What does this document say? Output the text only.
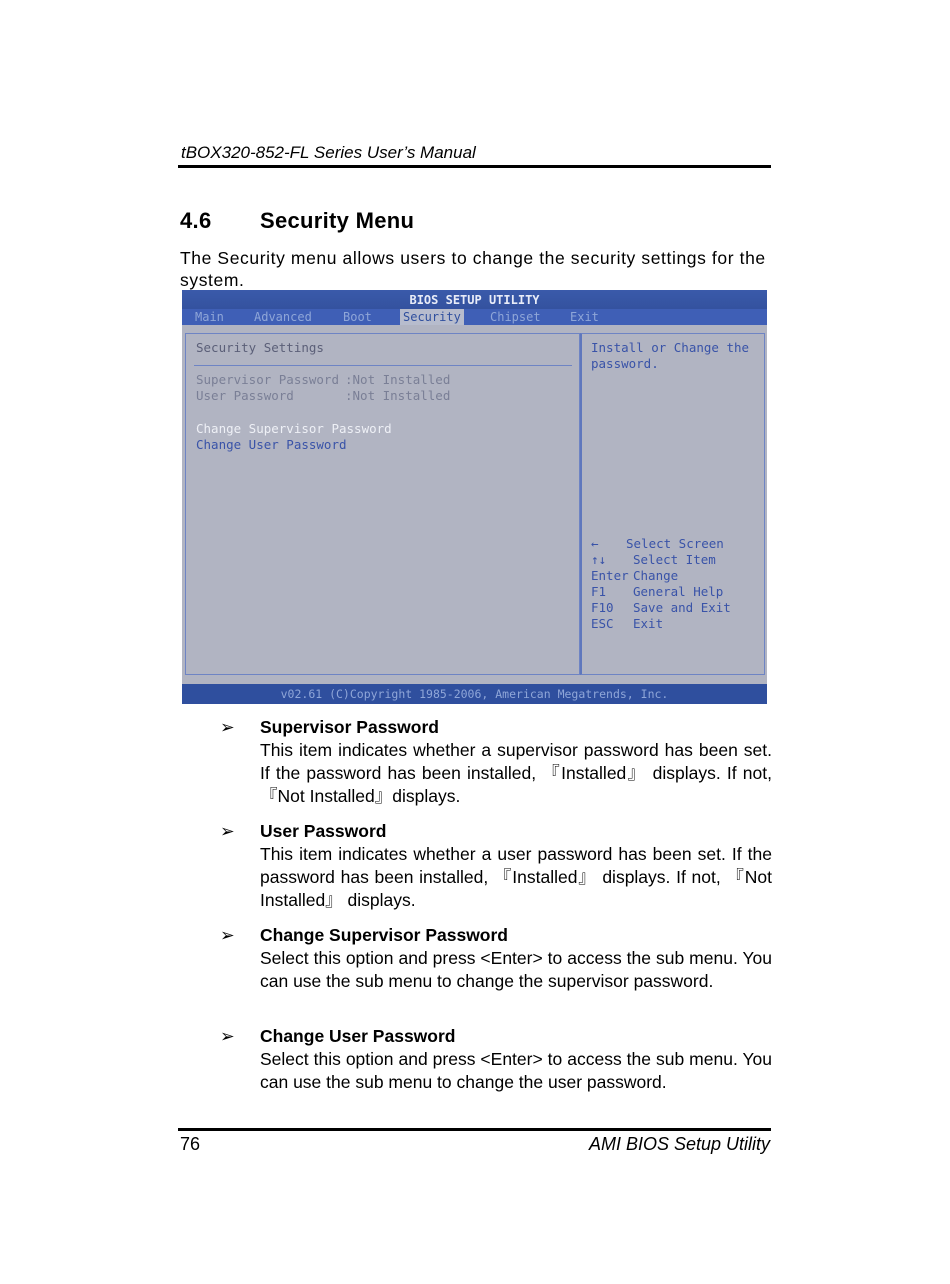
tBOX320-852-FL Series User’s Manual
4.6 Security Menu
The Security menu allows users to change the security settings for the system.
BIOS SETUP UTILITY
Main	Advanced	Boot	Security Chipset Exit
Security Settings
Supervisor Password :Not Installed
User Password	:Not Installed
Change Supervisor Password
Change User Password
Install or Change the
password.
← Select Screen
↑↓ Select Item
Enter Change
F1 General Help
F10 Save and Exit
ESC Exit
v02.61 (C)Copyright 1985-2006, American Megatrends, Inc.
➢	Supervisor Password
This item indicates whether a supervisor password has been set. If the password has been installed, 『Installed』 displays. If not, 『Not Installed』displays.
➢	User Password
This item indicates whether a user password has been set. If the password has been installed, 『Installed』 displays. If not, 『Not Installed』 displays.
➢	Change Supervisor Password
Select this option and press <Enter> to access the sub menu. You can use the sub menu to change the supervisor password.
➢	Change User Password
Select this option and press <Enter> to access the sub menu. You can use the sub menu to change the user password.
76	AMI BIOS Setup Utility
